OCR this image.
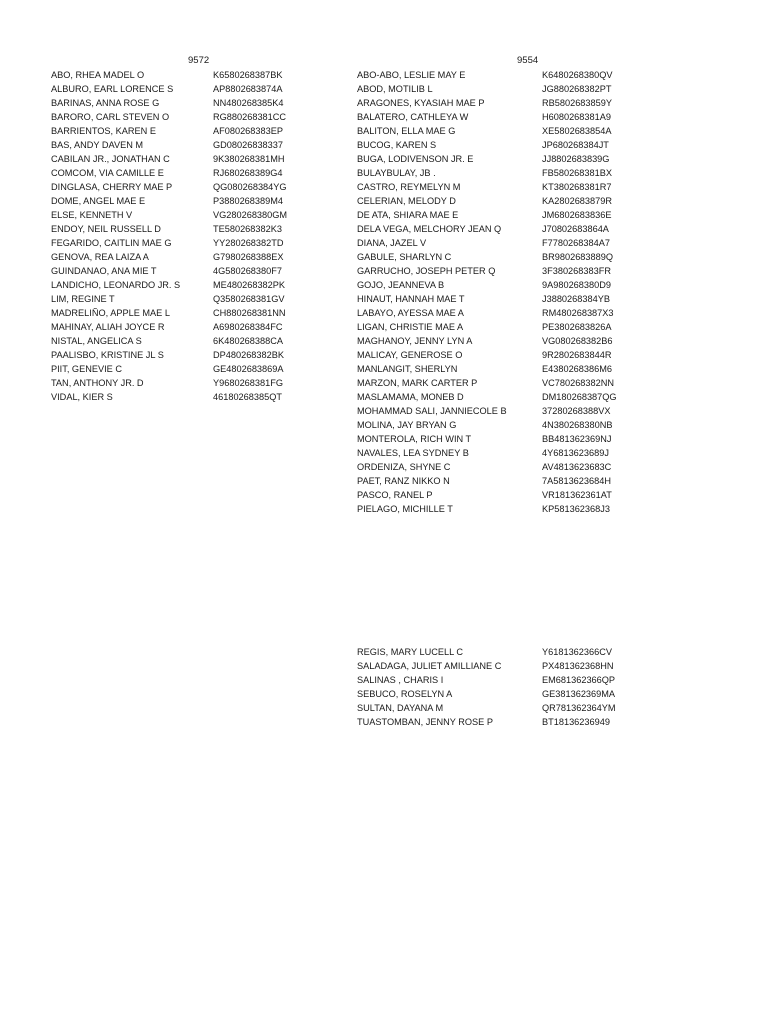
9572	9554
ABO, RHEA MADEL O	K6580268387BK
ALBURO, EARL LORENCE S	AP8802683874A
BARINAS, ANNA ROSE G	NN480268385K4
BARORO, CARL STEVEN O	RG880268381CC
BARRIENTOS, KAREN E	AF080268383EP
BAS, ANDY DAVEN M	GD08026838337
CABILAN JR., JONATHAN C	9K380268381MH
COMCOM, VIA CAMILLE E	RJ680268389G4
DINGLASA, CHERRY MAE P	QG080268384YG
DOME, ANGEL MAE E	P3880268389M4
ELSE, KENNETH V	VG280268380GM
ENDOY, NEIL RUSSELL D	TE580268382K3
FEGARIDO, CAITLIN MAE G	YY280268382TD
GENOVA, REA LAIZA A	G7980268388EX
GUINDANAO, ANA MIE T	4G580268380F7
LANDICHO, LEONARDO JR. S	ME480268382PK
LIM, REGINE T	Q3580268381GV
MADRELIÑO, APPLE MAE L	CH880268381NN
MAHINAY, ALIAH JOYCE R	A6980268384FC
NISTAL, ANGELICA S	6K480268388CA
PAALISBO, KRISTINE JL S	DP480268382BK
PIIT, GENEVIE C	GE4802683869A
TAN, ANTHONY JR. D	Y9680268381FG
VIDAL, KIER S	46180268385QT
ABO-ABO, LESLIE MAY E	K6480268380QV
ABOD, MOTILIB L	JG880268382PT
ARAGONES, KYASIAH MAE P	RB5802683859Y
BALATERO, CATHLEYA W	H6080268381A9
BALITON, ELLA MAE G	XE5802683854A
BUCOG, KAREN S	JP680268384JT
BUGA, LODIVENSON JR. E	JJ8802683839G
BULAYBULAY, JB .	FB580268381BX
CASTRO, REYMELYN M	KT380268381R7
CELERIAN, MELODY D	KA2802683879R
DE ATA, SHIARA MAE E	JM6802683836E
DELA VEGA, MELCHORY JEAN Q	J70802683864A
DIANA, JAZEL V	F7780268384A7
GABULE, SHARLYN C	BR9802683889Q
GARRUCHO, JOSEPH PETER Q	3F380268383FR
GOJO, JEANNEVA B	9A980268380D9
HINAUT, HANNAH MAE T	J3880268384YB
LABAYO, AYESSA MAE A	RM480268387X3
LIGAN, CHRISTIE MAE A	PE3802683826A
MAGHANOY, JENNY LYN A	VG080268382B6
MALICAY, GENEROSE O	9R2802683844R
MANLANGIT, SHERLYN	E4380268386M6
MARZON, MARK CARTER P	VC780268382NN
MASLAMAMA, MONEB D	DM180268387QG
MOHAMMAD SALI, JANNIECOLE B	37280268388VX
MOLINA, JAY BRYAN G	4N380268380NB
MONTEROLA, RICH WIN T	BB481362369NJ
NAVALES, LEA SYDNEY B	4Y6813623689J
ORDENIZA, SHYNE C	AV4813623683C
PAET, RANZ NIKKO N	7A5813623684H
PASCO, RANEL P	VR181362361AT
PIELAGO, MICHILLE T	KP581362368J3
REGIS, MARY LUCELL C	Y6181362366CV
SALADAGA, JULIET AMILLIANE C	PX481362368HN
SALINAS , CHARIS I	EM681362366QP
SEBUCO, ROSELYN A	GE381362369MA
SULTAN, DAYANA M	QR781362364YM
TUASTOMBAN, JENNY ROSE P	BT18136236949
